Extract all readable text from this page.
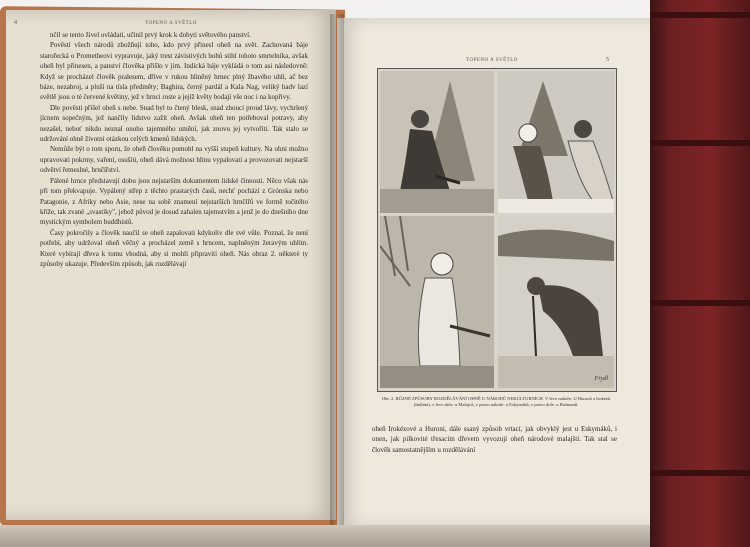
4	TOPENO A SVĚTLO

nčil se tento živel ovládati, učinil prvý krok k dobytí světového panství.

Pověstí všech národů zbožňují toho, kdo prvý přinesl oheň na svět. Zachovaná báje starořecká o Prometheovi vypravuje, jaký trest závistivých bohů stihl tohoto smrtelníka, avšak oheň byl přinesen, a panství člověka přišlo v jim. Indická báje vykládá o tom asi následovně: Když se procházel člověk pralesem, dříve v rukou hliněný hrnec plný žhavého uhlí, ač bez báze, nezabroj, a pluší na tísla předměty; Baghira, černý pardál a Kala Nag, veliký hadv lazí světlě jsou o té červené květiny, jež v hrnci roste a jejíž květy bodají vše noc i na kopřivy.

Dle pověsti přišel oheň s nebe. Snad byl to čtený blesk, snad zhoucí proud lávy, vychrlený jícnem sopečným, jež nančily lidstvo zažít oheň. Avšak oheň ten potřeboval potravy, aby nezašel, neboť nikdo neznal onoho tajemného umění, jak znovu jej vytvořiti. Tak stalo se udržování ohně životní otázkou celých kmenů lidských.

Nemůže být o tom sporu, že oheň člověku pomohl na vyšší stupeň kultury. Na ohni možno upravovati pokrmy, vaření, osušiti, oheň dává možnost hlinu vypalovati a provozovati nejstarší odvětví řemeslné, hrnčířství.

Pálené hrnce představují dobu jsou nejstarším dokumentem lidské činnosti. Něco však nás při tom překvapuje. Vypálený střep z těchto prastarých časů, nechť pochází z Grónska nebo Patagonie, z Afriky nebo Asie, nese na sobě znamení nejstarších hrnčířů ve formě točitého kříže, tak zvané „svastiky", jehož původ je dosud zahalen tajemstvím a jenž je do dnešního dne mystickým symbolem buddhistů.

Časy pokročily a člověk naučil se oheň zapalovati kdykoliv dle své vůle. Poznal, že není potřebí, aby udržoval oheň věčný a procházel země s hrncem, naplněným žeravým uhlím. Které vybírají dřeva k tomu vhodná, aby si mohli připraviti oheň. Nás obraz 2. některé ty způsoby ukazuje. Především způsob, jak rozdělávají

TOPENO A SVĚTLO	5
Frydl
Obr. 2. RŮZNÉ ZPŮSOBY ROZDĚLÁVÁNÍ OHNĚ U NÁRODŮ NEKULTURNÍCH. V levo nahoře: U Huronů a Irokézů (Indiáni), v levo dole: u Malajců, v pravo nahoře: u Eskymáků, v pravo dole: u Bušmanů.

oheň Irokézové a Huroni, dále ssaný způsob vrtací, jak obvyklý jest u Eskymáků, i onen, jak pilkovité třesacím dřevem vyvozují oheň národové malajští. Tak stal se člověk samostatnějším u rozdělávání
